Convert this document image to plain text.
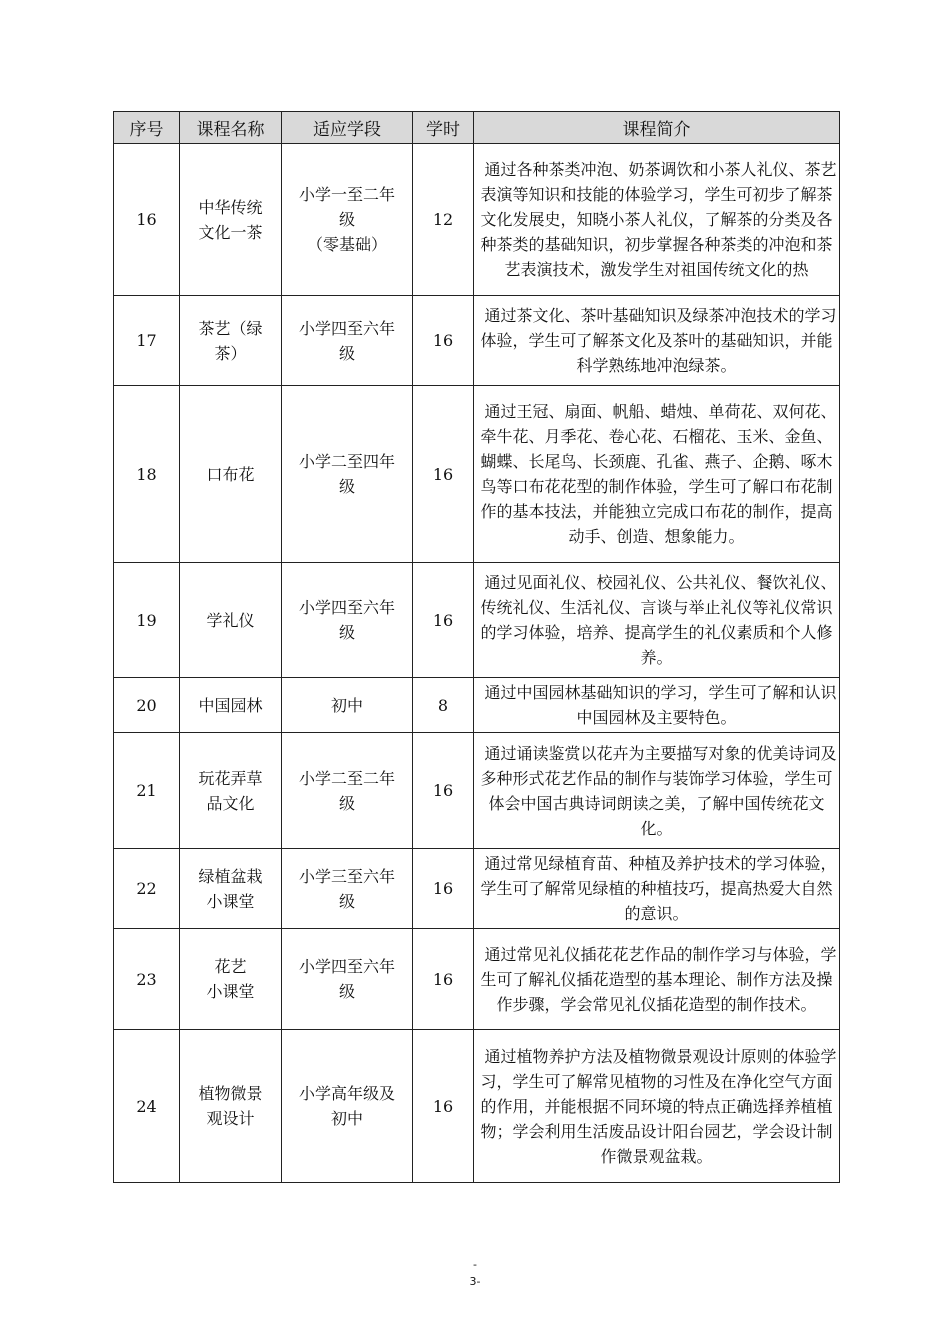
序号	课程名称	适应学段	学时	课程简介

16	中华传统
文化一茶	小学一至二年
级
（零基础）	12	通过各种茶类冲泡、奶茶调饮和小茶人礼仪、茶艺表演等知识和技能的体验学习，学生可初步了解茶文化发展史，知晓小茶人礼仪，了解茶的分类及各种茶类的基础知识，初步掌握各种茶类的冲泡和茶艺表演技术，激发学生对祖国传统文化的热

17	茶艺（绿
茶）	小学四至六年
级	16	通过茶文化、茶叶基础知识及绿茶冲泡技术的学习体验，学生可了解茶文化及茶叶的基础知识，并能科学熟练地冲泡绿茶。

18	口布花	小学二至四年
级	16	通过王冠、扇面、帆船、蜡烛、单荷花、双何花、牵牛花、月季花、卷心花、石榴花、玉米、金鱼、蝴蝶、长尾鸟、长颈鹿、孔雀、燕子、企鹅、啄木鸟等口布花花型的制作体验，学生可了解口布花制作的基本技法，并能独立完成口布花的制作，提高动手、创造、想象能力。

19	学礼仪	小学四至六年
级	16	通过见面礼仪、校园礼仪、公共礼仪、餐饮礼仪、传统礼仪、生活礼仪、言谈与举止礼仪等礼仪常识的学习体验，培养、提高学生的礼仪素质和个人修养。

20	中国园林	初中	8	通过中国园林基础知识的学习，学生可了解和认识中国园林及主要特色。

21	玩花弄草
品文化	小学二至二年
级	16	通过诵读鉴赏以花卉为主要描写对象的优美诗词及多种形式花艺作品的制作与装饰学习体验，学生可体会中国古典诗词朗读之美，了解中国传统花文化。

22	绿植盆栽
小课堂	小学三至六年
级	16	通过常见绿植育苗、种植及养护技术的学习体验，学生可了解常见绿植的种植技巧，提高热爱大自然的意识。

23	花艺
小课堂	小学四至六年
级	16	通过常见礼仪插花花艺作品的制作学习与体验，学生可了解礼仪插花造型的基本理论、制作方法及操作步骤，学会常见礼仪插花造型的制作技术。

24	植物微景
观设计	小学高年级及
初中	16	通过植物养护方法及植物微景观设计原则的体验学习，学生可了解常见植物的习性及在净化空气方面的作用，并能根据不同环境的特点正确选择养植植物；学会利用生活废品设计阳台园艺，学会设计制作微景观盆栽。
-
3-
